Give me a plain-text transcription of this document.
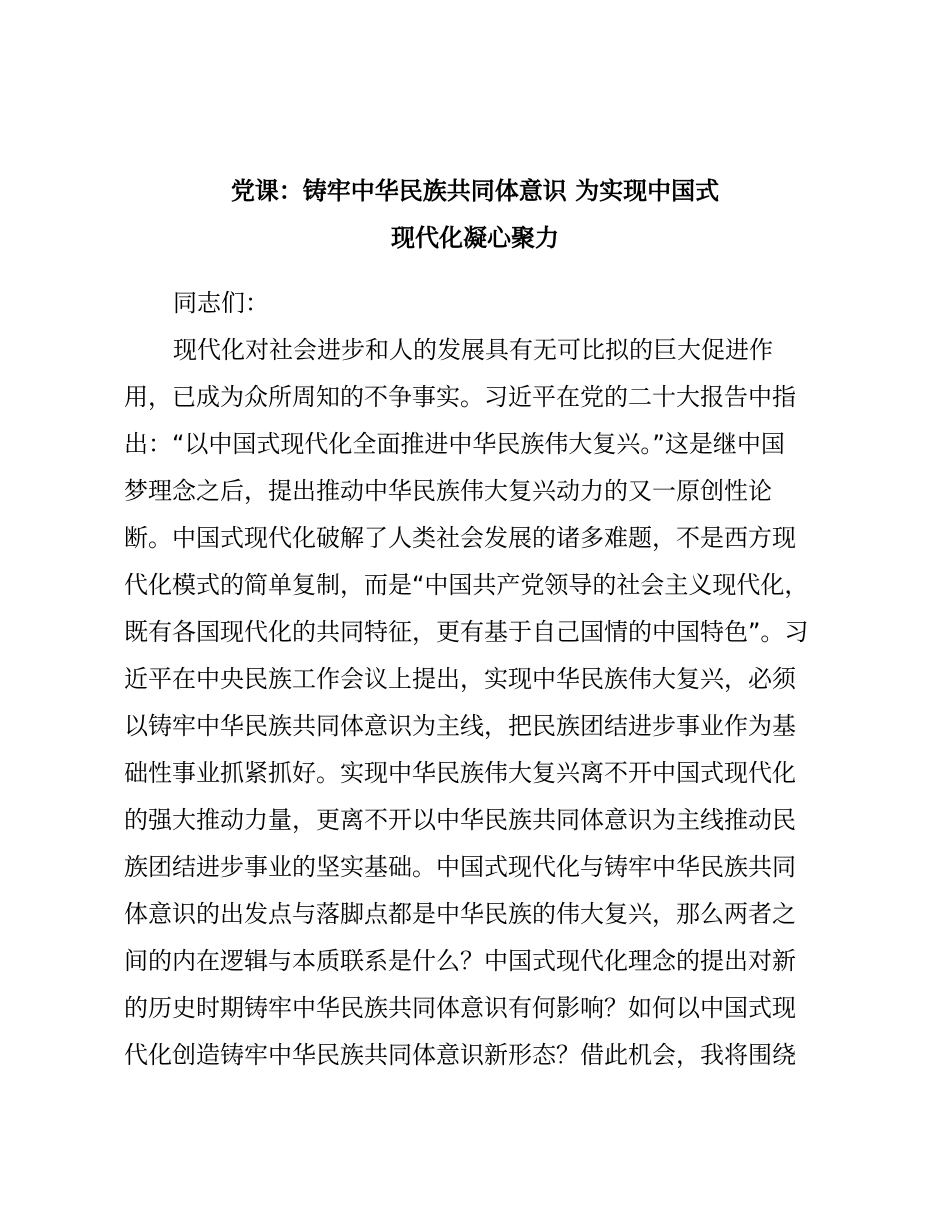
党课：铸牢中华民族共同体意识 为实现中国式
现代化凝心聚力
同志们：
现代化对社会进步和人的发展具有无可比拟的巨大促进作
用，已成为众所周知的不争事实。习近平在党的二十大报告中指
出：“以中国式现代化全面推进中华民族伟大复兴。”这是继中国
梦理念之后，提出推动中华民族伟大复兴动力的又一原创性论
断。中国式现代化破解了人类社会发展的诸多难题，不是西方现
代化模式的简单复制，而是“中国共产党领导的社会主义现代化，
既有各国现代化的共同特征，更有基于自己国情的中国特色”。习
近平在中央民族工作会议上提出，实现中华民族伟大复兴，必须
以铸牢中华民族共同体意识为主线，把民族团结进步事业作为基
础性事业抓紧抓好。实现中华民族伟大复兴离不开中国式现代化
的强大推动力量，更离不开以中华民族共同体意识为主线推动民
族团结进步事业的坚实基础。中国式现代化与铸牢中华民族共同
体意识的出发点与落脚点都是中华民族的伟大复兴，那么两者之
间的内在逻辑与本质联系是什么？中国式现代化理念的提出对新
的历史时期铸牢中华民族共同体意识有何影响？如何以中国式现
代化创造铸牢中华民族共同体意识新形态？借此机会，我将围绕
